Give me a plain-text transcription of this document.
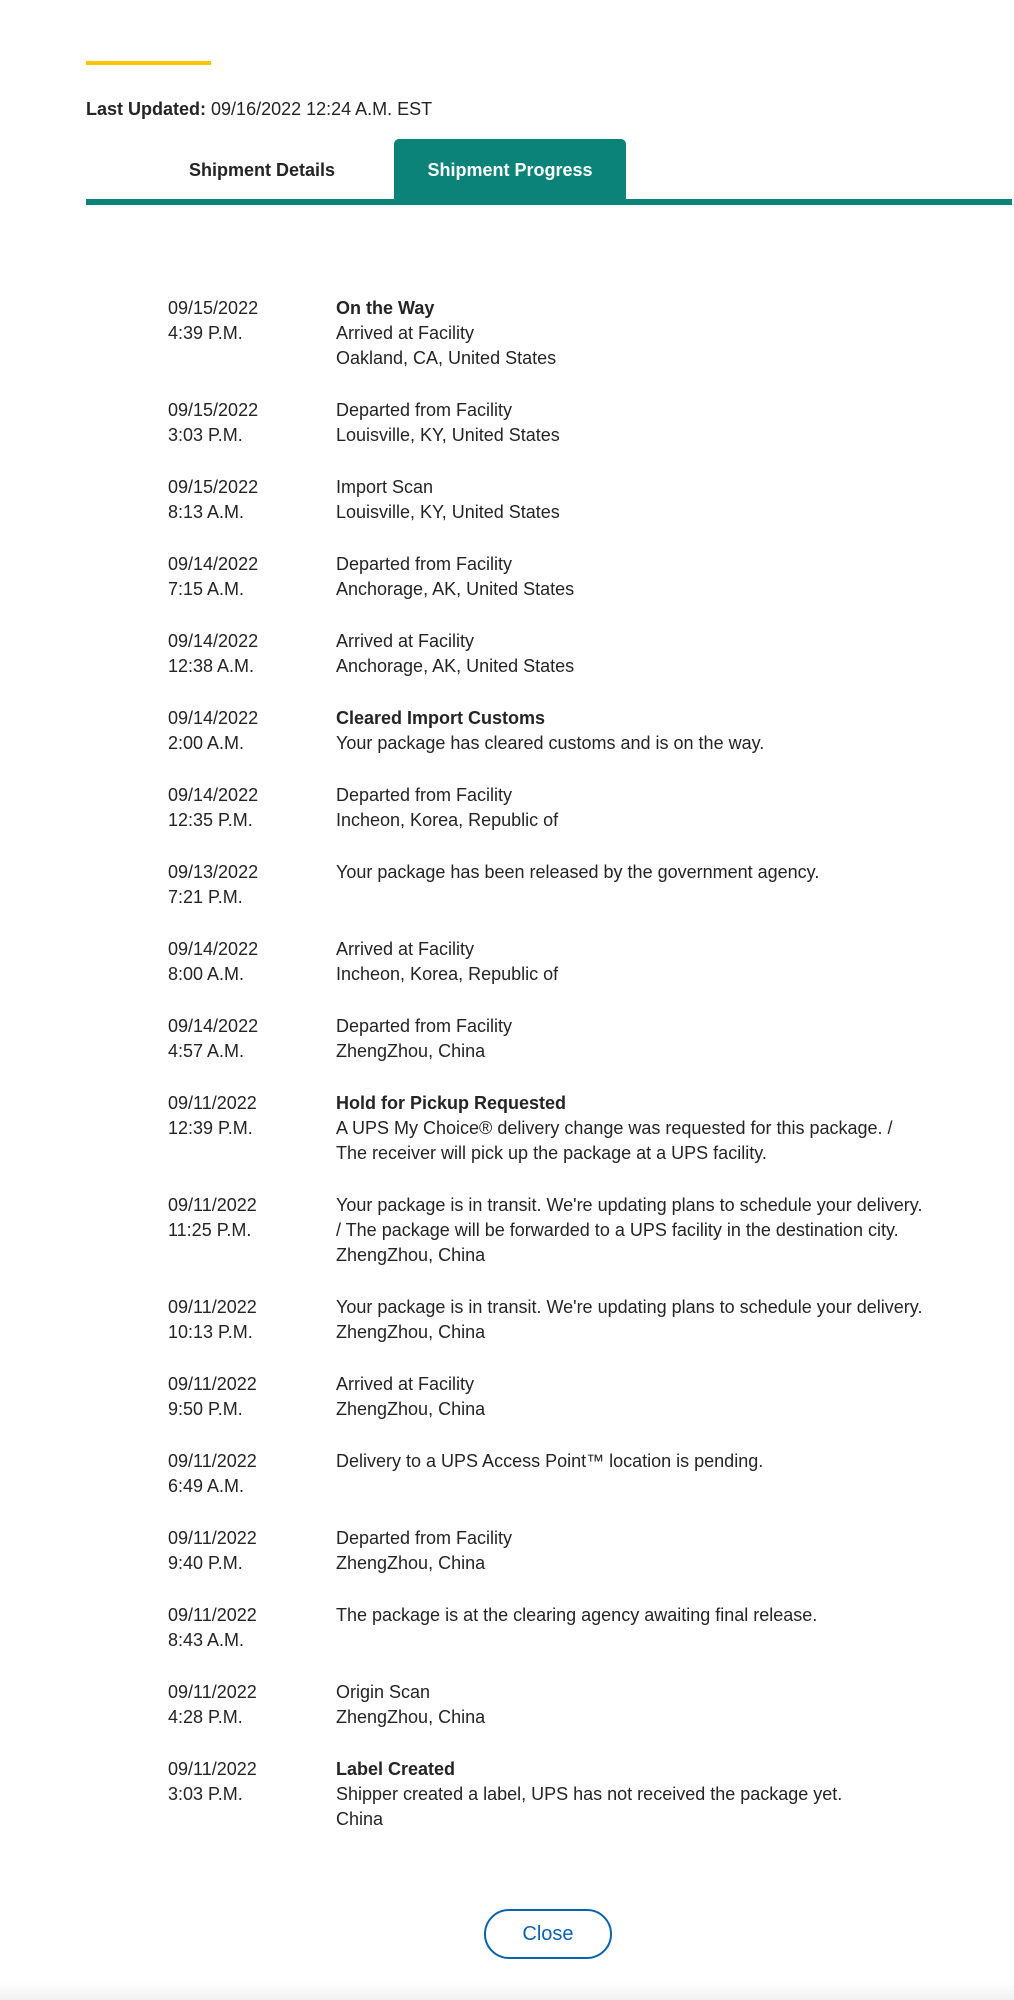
Last Updated: 09/16/2022 12:24 A.M. EST
Shipment Details	Shipment Progress
09/15/2022
4:39 P.M.
On the Way
Arrived at Facility
Oakland, CA, United States
09/15/2022
3:03 P.M.
Departed from Facility
Louisville, KY, United States
09/15/2022
8:13 A.M.
Import Scan
Louisville, KY, United States
09/14/2022
7:15 A.M.
Departed from Facility
Anchorage, AK, United States
09/14/2022
12:38 A.M.
Arrived at Facility
Anchorage, AK, United States
09/14/2022
2:00 A.M.
Cleared Import Customs
Your package has cleared customs and is on the way.
09/14/2022
12:35 P.M.
Departed from Facility
Incheon, Korea, Republic of
09/13/2022
7:21 P.M.
Your package has been released by the government agency.
09/14/2022
8:00 A.M.
Arrived at Facility
Incheon, Korea, Republic of
09/14/2022
4:57 A.M.
Departed from Facility
ZhengZhou, China
09/11/2022
12:39 P.M.
Hold for Pickup Requested
A UPS My Choice® delivery change was requested for this package. / The receiver will pick up the package at a UPS facility.
09/11/2022
11:25 P.M.
Your package is in transit. We're updating plans to schedule your delivery. / The package will be forwarded to a UPS facility in the destination city.
ZhengZhou, China
09/11/2022
10:13 P.M.
Your package is in transit. We're updating plans to schedule your delivery.
ZhengZhou, China
09/11/2022
9:50 P.M.
Arrived at Facility
ZhengZhou, China
09/11/2022
6:49 A.M.
Delivery to a UPS Access Point™ location is pending.
09/11/2022
9:40 P.M.
Departed from Facility
ZhengZhou, China
09/11/2022
8:43 A.M.
The package is at the clearing agency awaiting final release.
09/11/2022
4:28 P.M.
Origin Scan
ZhengZhou, China
09/11/2022
3:03 P.M.
Label Created
Shipper created a label, UPS has not received the package yet.
China
Close
